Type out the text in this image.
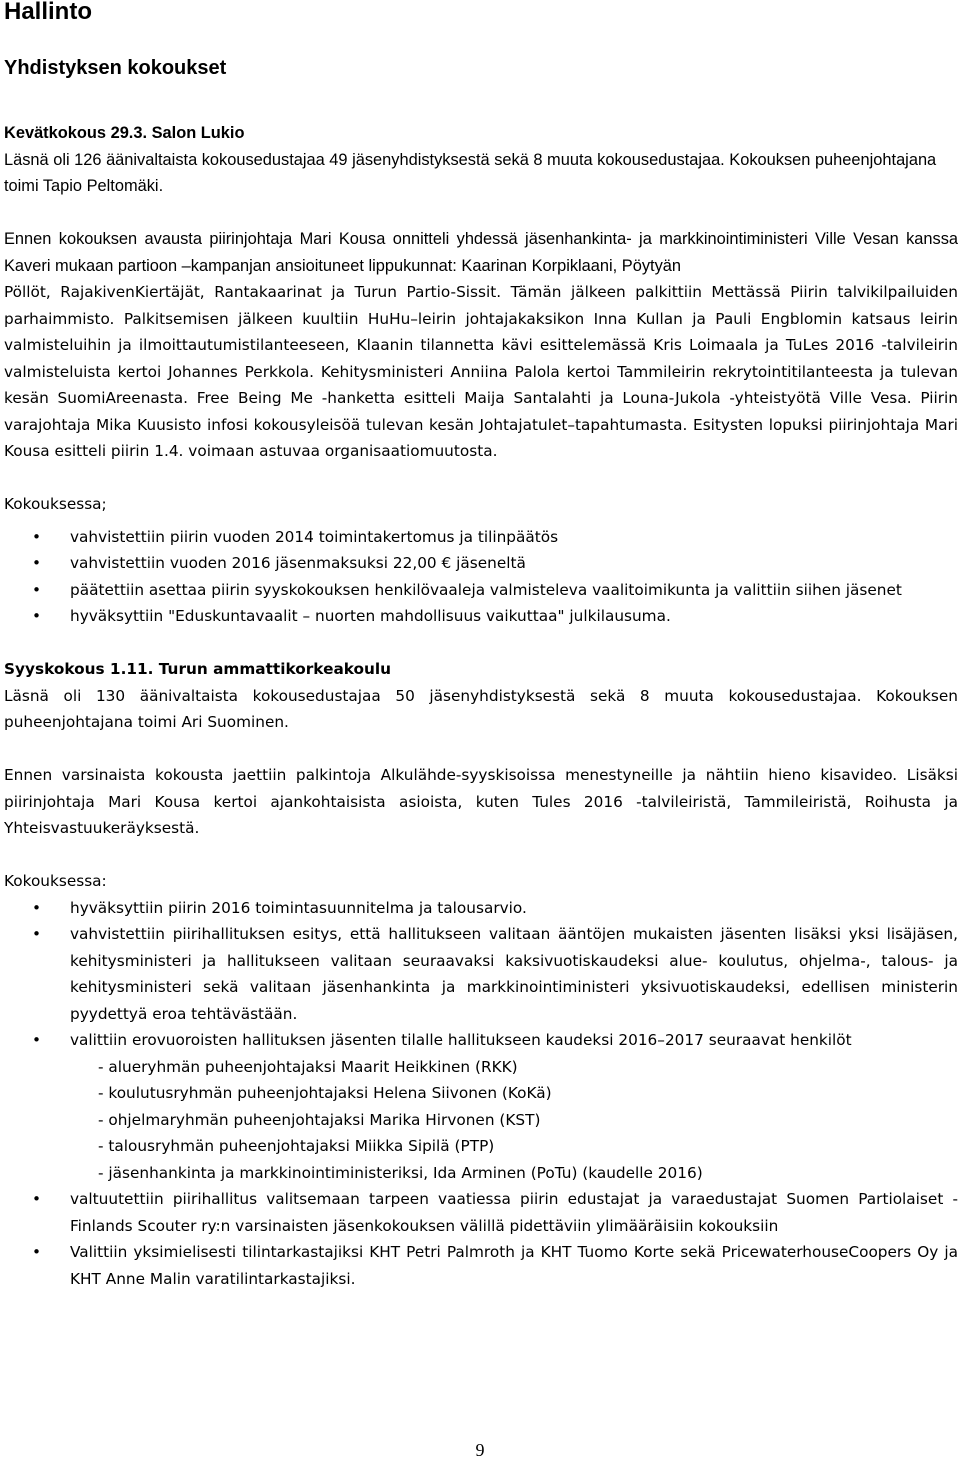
Hallinto
Yhdistyksen kokoukset

Kevätkokous 29.3. Salon Lukio

Läsnä oli 126 äänivaltaista kokousedustajaa 49 jäsenyhdistyksestä sekä 8 muuta kokousedustajaa. Kokouksen puheenjohtajana toimi Tapio Peltomäki.

Ennen kokouksen avausta piirinjohtaja Mari Kousa onnitteli yhdessä jäsenhankinta- ja markkinointiministeri Ville Vesan kanssa Kaveri mukaan partioon –kampanjan ansioituneet lippukunnat: Kaarinan Korpiklaani, Pöytyän

Pöllöt, RajakivenKiertäjät, Rantakaarinat ja Turun Partio-Sissit. Tämän jälkeen palkittiin Mettässä Piirin talvikilpailuiden parhaimmisto. Palkitsemisen jälkeen kuultiin HuHu–leirin johtajakaksikon Inna Kullan ja Pauli Engblomin katsaus leirin valmisteluihin ja ilmoittautumistilanteeseen, Klaanin tilannetta kävi esittelemässä Kris Loimaala ja TuLes 2016 -talvileirin valmisteluista kertoi Johannes Perkkola. Kehitysministeri Anniina Palola kertoi Tammileirin rekrytointitilanteesta ja tulevan kesän SuomiAreenasta. Free Being Me -hanketta esitteli Maija Santalahti ja Louna-Jukola -yhteistyötä Ville Vesa. Piirin varajohtaja Mika Kuusisto infosi kokousyleisöä tulevan kesän Johtajatulet–tapahtumasta. Esitysten lopuksi piirinjohtaja Mari Kousa esitteli piirin 1.4. voimaan astuvaa organisaatiomuutosta.

Kokouksessa;

• vahvistettiin piirin vuoden 2014 toimintakertomus ja tilinpäätös
• vahvistettiin vuoden 2016 jäsenmaksuksi 22,00 € jäseneltä
• päätettiin asettaa piirin syyskokouksen henkilövaaleja valmisteleva vaalitoimikunta ja valittiin siihen jäsenet
• hyväksyttiin "Eduskuntavaalit – nuorten mahdollisuus vaikuttaa" julkilausuma.

Syyskokous 1.11. Turun ammattikorkeakoulu

Läsnä oli 130 äänivaltaista kokousedustajaa 50 jäsenyhdistyksestä sekä 8 muuta kokousedustajaa. Kokouksen puheenjohtajana toimi Ari Suominen.

Ennen varsinaista kokousta jaettiin palkintoja Alkulähde-syyskisoissa menestyneille ja nähtiin hieno kisavideo. Lisäksi piirinjohtaja Mari Kousa kertoi ajankohtaisista asioista, kuten Tules 2016 -talvileiristä, Tammileiristä, Roihusta ja Yhteisvastuukeräyksestä.

Kokouksessa:

• hyväksyttiin piirin 2016 toimintasuunnitelma ja talousarvio.
• vahvistettiin piirihallituksen esitys, että hallitukseen valitaan ääntöjen mukaisten jäsenten lisäksi yksi lisäjäsen, kehitysministeri ja hallitukseen valitaan seuraavaksi kaksivuotiskaudeksi alue- koulutus, ohjelma-, talous- ja kehitysministeri sekä valitaan jäsenhankinta ja markkinointiministeri yksivuotiskaudeksi, edellisen ministerin pyydettyä eroa tehtävästään.
• valittiin erovuoroisten hallituksen jäsenten tilalle hallitukseen kaudeksi 2016–2017 seuraavat henkilöt
- alueryhmän puheenjohtajaksi Maarit Heikkinen (RKK)
- koulutusryhmän puheenjohtajaksi Helena Siivonen (KoKä)
- ohjelmaryhmän puheenjohtajaksi Marika Hirvonen (KST)
- talousryhmän puheenjohtajaksi Miikka Sipilä (PTP)
- jäsenhankinta ja markkinointiministeriksi, Ida Arminen (PoTu) (kaudelle 2016)
• valtuutettiin piirihallitus valitsemaan tarpeen vaatiessa piirin edustajat ja varaedustajat Suomen Partiolaiset - Finlands Scouter ry:n varsinaisten jäsenkokouksen välillä pidettäviin ylimääräisiin kokouksiin
• Valittiin yksimielisesti tilintarkastajiksi KHT Petri Palmroth ja KHT Tuomo Korte sekä PricewaterhouseCoopers Oy ja KHT Anne Malin varatilintarkastajiksi.
9
